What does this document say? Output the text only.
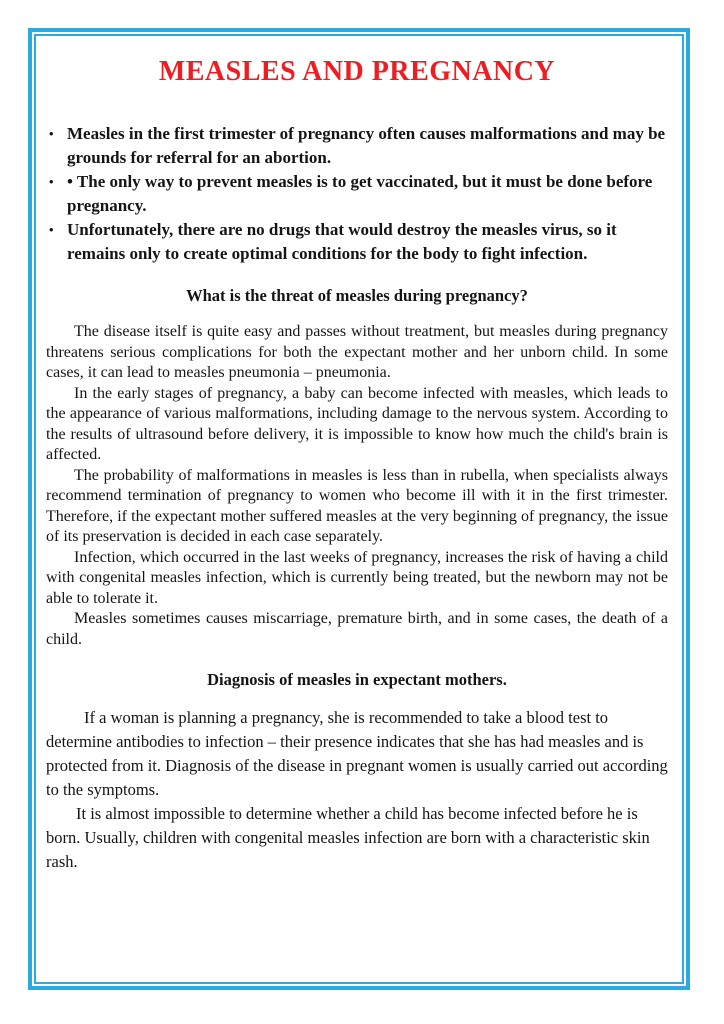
MEASLES AND PREGNANCY
• Measles in the first trimester of pregnancy often causes malformations and may be grounds for referral for an abortion.
• • The only way to prevent measles is to get vaccinated, but it must be done before pregnancy.
• Unfortunately, there are no drugs that would destroy the measles virus, so it remains only to create optimal conditions for the body to fight infection.
What is the threat of measles during pregnancy?

The disease itself is quite easy and passes without treatment, but measles during pregnancy threatens serious complications for both the expectant mother and her unborn child. In some cases, it can lead to measles pneumonia – pneumonia.

In the early stages of pregnancy, a baby can become infected with measles, which leads to the appearance of various malformations, including damage to the nervous system. According to the results of ultrasound before delivery, it is impossible to know how much the child's brain is affected.

The probability of malformations in measles is less than in rubella, when specialists always recommend termination of pregnancy to women who become ill with it in the first trimester. Therefore, if the expectant mother suffered measles at the very beginning of pregnancy, the issue of its preservation is decided in each case separately.

Infection, which occurred in the last weeks of pregnancy, increases the risk of having a child with congenital measles infection, which is currently being treated, but the newborn may not be able to tolerate it.

Measles sometimes causes miscarriage, premature birth, and in some cases, the death of a child.

Diagnosis of measles in expectant mothers.

If a woman is planning a pregnancy, she is recommended to take a blood test to determine antibodies to infection – their presence indicates that she has had measles and is protected from it. Diagnosis of the disease in pregnant women is usually carried out according to the symptoms.

It is almost impossible to determine whether a child has become infected before he is born. Usually, children with congenital measles infection are born with a characteristic skin rash.
